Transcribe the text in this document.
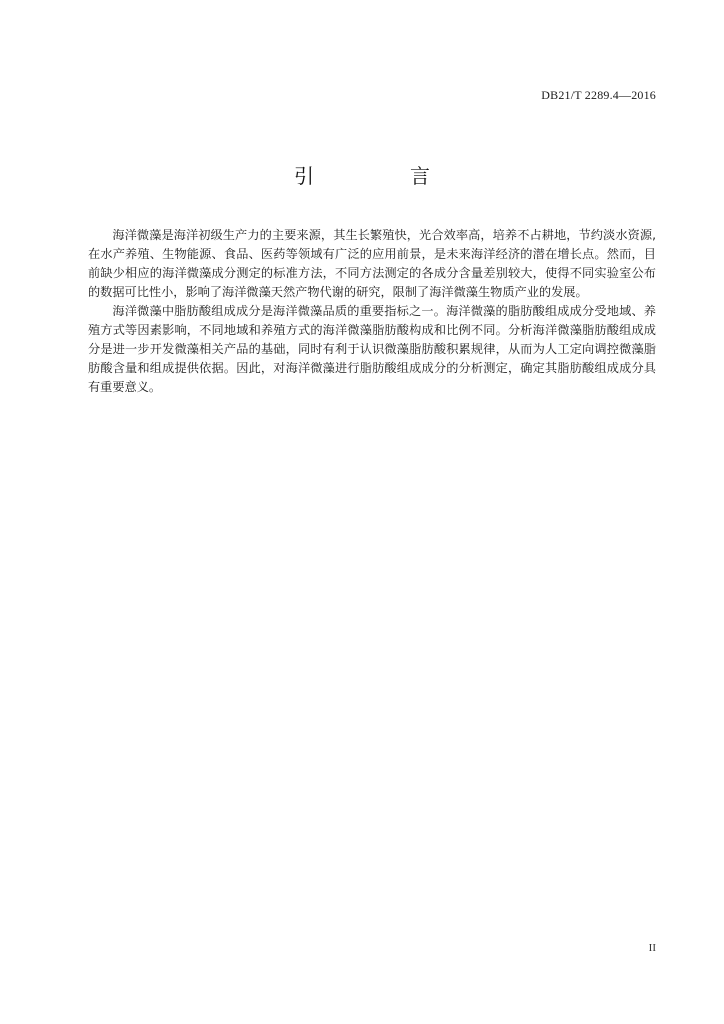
DB21/T 2289.4—2016
引　言

海洋微藻是海洋初级生产力的主要来源，其生长繁殖快，光合效率高，培养不占耕地，节约淡水资源,在水产养殖、生物能源、食品、医药等领域有广泛的应用前景，是未来海洋经济的潜在增长点。然而，目前缺少相应的海洋微藻成分测定的标准方法，不同方法测定的各成分含量差别较大，使得不同实验室公布的数据可比性小，影响了海洋微藻天然产物代谢的研究，限制了海洋微藻生物质产业的发展。

海洋微藻中脂肪酸组成成分是海洋微藻品质的重要指标之一。海洋微藻的脂肪酸组成成分受地域、养殖方式等因素影响，不同地域和养殖方式的海洋微藻脂肪酸构成和比例不同。分析海洋微藻脂肪酸组成成分是进一步开发微藻相关产品的基础，同时有利于认识微藻脂肪酸积累规律，从而为人工定向调控微藻脂肪酸含量和组成提供依据。因此，对海洋微藻进行脂肪酸组成成分的分析测定，确定其脂肪酸组成成分具有重要意义。

II
